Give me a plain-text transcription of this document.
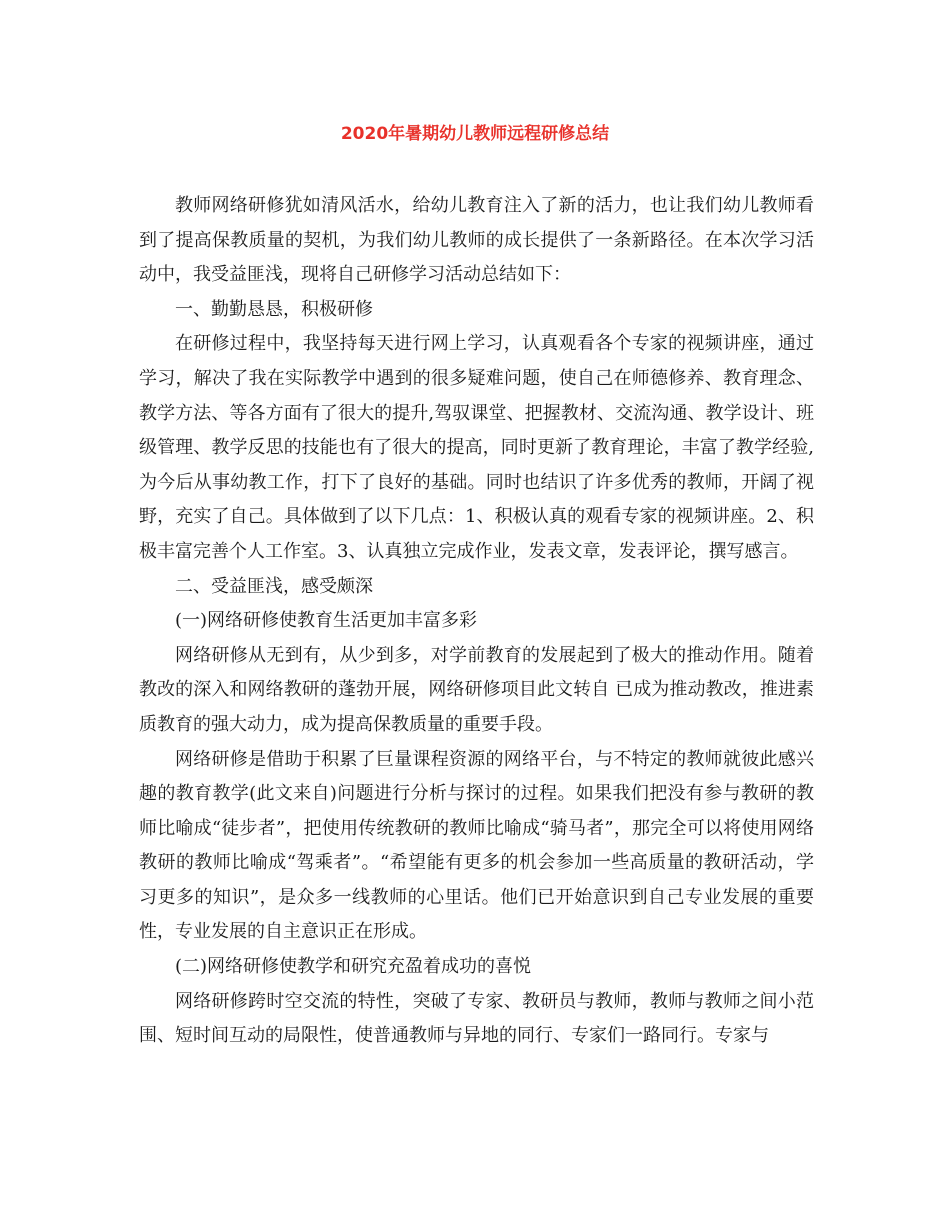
2020年暑期幼儿教师远程研修总结

教师网络研修犹如清风活水，给幼儿教育注入了新的活力，也让我们幼儿教师看到了提高保教质量的契机，为我们幼儿教师的成长提供了一条新路径。在本次学习活动中，我受益匪浅，现将自己研修学习活动总结如下：

一、勤勤恳恳，积极研修

在研修过程中，我坚持每天进行网上学习，认真观看各个专家的视频讲座，通过学习，解决了我在实际教学中遇到的很多疑难问题，使自己在师德修养、教育理念、教学方法、等各方面有了很大的提升,驾驭课堂、把握教材、交流沟通、教学设计、班级管理、教学反思的技能也有了很大的提高，同时更新了教育理论，丰富了教学经验,为今后从事幼教工作，打下了良好的基础。同时也结识了许多优秀的教师，开阔了视野，充实了自己。具体做到了以下几点：1、积极认真的观看专家的视频讲座。2、积极丰富完善个人工作室。3、认真独立完成作业，发表文章，发表评论，撰写感言。

二、受益匪浅，感受颇深

(一)网络研修使教育生活更加丰富多彩

网络研修从无到有，从少到多，对学前教育的发展起到了极大的推动作用。随着教改的深入和网络教研的蓬勃开展，网络研修项目此文转自 已成为推动教改，推进素质教育的强大动力，成为提高保教质量的重要手段。

网络研修是借助于积累了巨量课程资源的网络平台，与不特定的教师就彼此感兴趣的教育教学(此文来自)问题进行分析与探讨的过程。如果我们把没有参与教研的教师比喻成“徒步者”，把使用传统教研的教师比喻成“骑马者”，那完全可以将使用网络教研的教师比喻成“驾乘者”。“希望能有更多的机会参加一些高质量的教研活动，学习更多的知识”，是众多一线教师的心里话。他们已开始意识到自己专业发展的重要性，专业发展的自主意识正在形成。

(二)网络研修使教学和研究充盈着成功的喜悦

网络研修跨时空交流的特性，突破了专家、教研员与教师，教师与教师之间小范围、短时间互动的局限性，使普通教师与异地的同行、专家们一路同行。专家与
